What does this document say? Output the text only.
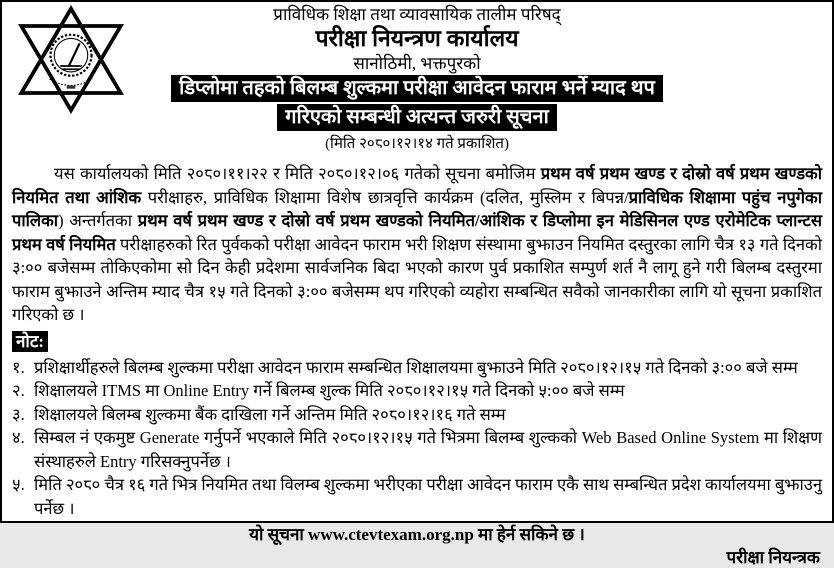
प्राविधिक शिक्षा तथा व्यावसायिक तालीम परिषद्
परीक्षा नियन्त्रण कार्यालय
सानोठिमी, भक्तपुरको
डिप्लोमा तहको बिलम्ब शुल्कमा परीक्षा आवेदन फाराम भर्ने म्याद थप
गरिएको सम्बन्धी अत्यन्त जरुरी सूचना
(मिति २०८०।१२।१४ गते प्रकाशित)

यस कार्यालयको मिति २०८०।११।२२ र मिति २०८०।१२।०६ गतेको सूचना बमोजिम प्रथम वर्ष प्रथम खण्ड र दोस्रो वर्ष प्रथम खण्डको नियमित तथा आंशिक परीक्षाहरु, प्राविधिक शिक्षामा विशेष छात्रवृत्ति कार्यक्रम (दलित, मुस्लिम र बिपन्न/प्राविधिक शिक्षामा पहुंच नपुगेका पालिका) अन्तर्गतका प्रथम वर्ष प्रथम खण्ड र दोस्रो वर्ष प्रथम खण्डको नियमित/आंशिक र डिप्लोमा इन मेडिसिनल एण्ड एरोमेटिक प्लान्टस प्रथम वर्ष नियमित परीक्षाहरुको रित पुर्वकको परीक्षा आवेदन फाराम भरी शिक्षण संस्थामा बुझाउन नियमित दस्तुरका लागि चैत्र १३ गते दिनको ३:०० बजेसम्म तोकिएकोमा सो दिन केही प्रदेशमा सार्वजनिक बिदा भएको कारण पुर्व प्रकाशित सम्पुर्ण शर्त नै लागू हुने गरी बिलम्ब दस्तुरमा फाराम बुझाउने अन्तिम म्याद चैत्र १५ गते दिनको ३:०० बजेसम्म थप गरिएको व्यहोरा सम्बन्धित सवैको जानकारीका लागि यो सूचना प्रकाशित गरिएको छ ।

नोट:
१. प्रशिक्षार्थीहरुले बिलम्ब शुल्कमा परीक्षा आवेदन फाराम सम्बन्धित शिक्षालयमा बुझाउने मिति २०८०।१२।१५ गते दिनको ३:०० बजे सम्म
२. शिक्षालयले ITMS मा Online Entry गर्ने बिलम्ब शुल्क मिति २०८०।१२।१५ गते दिनको ५:०० बजे सम्म
३. शिक्षालयले बिलम्ब शुल्कमा बैंक दाखिला गर्ने अन्तिम मिति २०८०।१२।१६ गते सम्म
४. सिम्बल नं एकमुष्ट Generate गर्नुपर्ने भएकाले मिति २०८०।१२।१५ गते भित्रमा बिलम्ब शुल्कको Web Based Online System मा शिक्षण संस्थाहरुले Entry गरिसक्नुपर्नेछ ।
५. मिति २०८० चैत्र १६ गते भित्र नियमित तथा विलम्ब शुल्कमा भरीएका परीक्षा आवेदन फाराम एकै साथ सम्बन्धित प्रदेश कार्यालयमा बुझाउनु पर्नेछ ।
यो सूचना www.ctevtexam.org.np मा हेर्न सकिने छ ।
परीक्षा नियन्त्रक
